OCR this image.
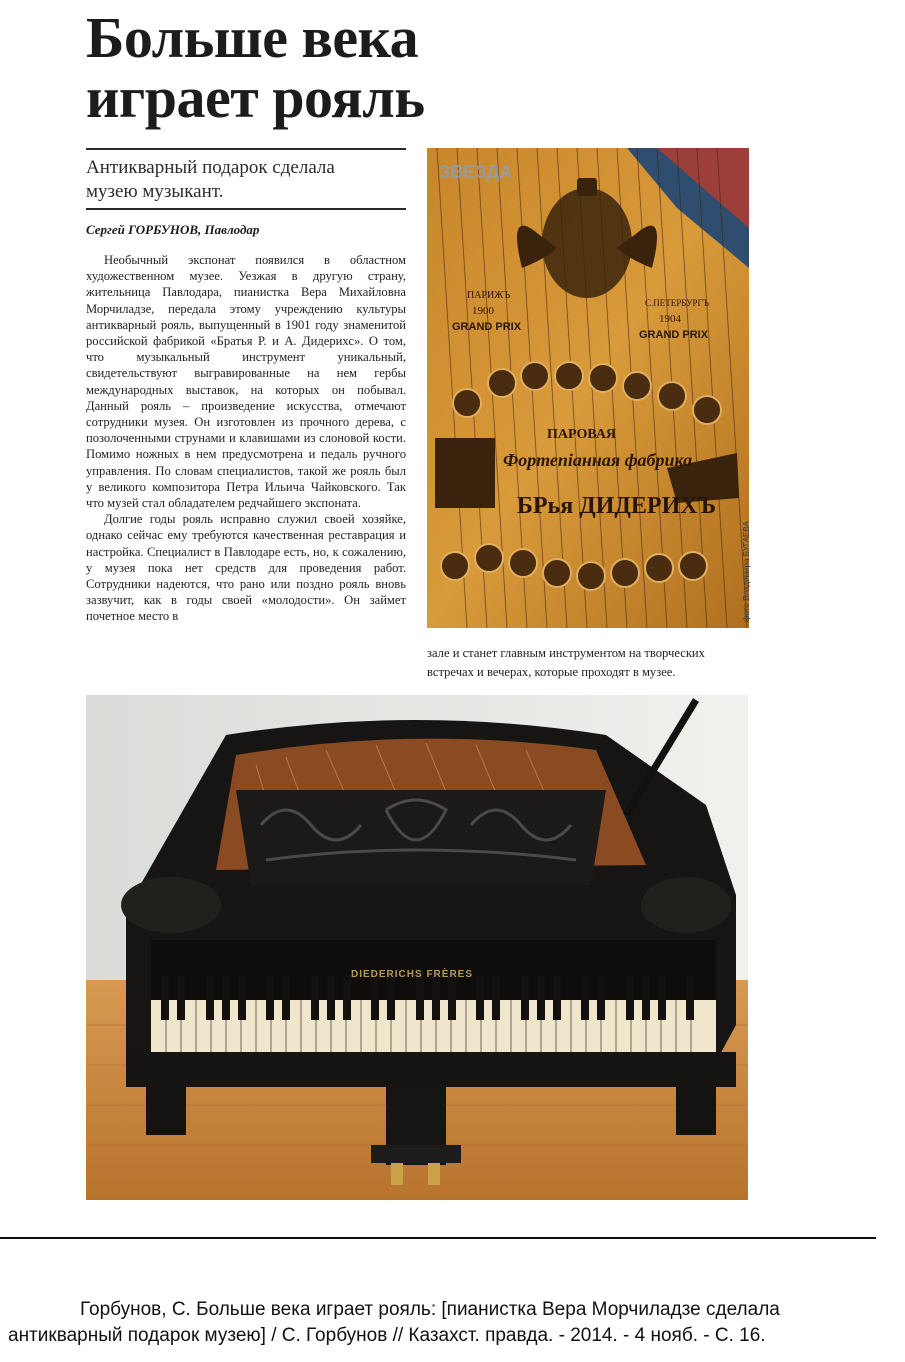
Больше века
играет рояль
Антикварный подарок сделала
музею музыкант.
Сергей ГОРБУНОВ, Павлодар

Необычный экспонат появился в областном художественном музее. Уезжая в другую страну, жительница Павлодара, пианистка Вера Михайловна Морчиладзе, передала этому учреждению культуры антикварный рояль, выпущенный в 1901 году знаменитой российской фабрикой «Братья Р. и А. Дидерихс». О том, что музыкальный инструмент уникальный, свидетельствуют выгравированные на нем гербы международных выставок, на которых он побывал. Данный рояль – произведение искусства, отмечают сотрудники музея. Он изготовлен из прочного дерева, с позолоченными струнами и клавишами из слоновой кости. Помимо ножных в нем предусмотрена и педаль ручного управления. По словам специалистов, такой же рояль был у великого композитора Петра Ильича Чайковского. Так что музей стал обладателем редчайшего экспоната.

Долгие годы рояль исправно служил своей хозяйке, однако сейчас ему требуются качественная реставрация и настройка. Специалист в Павлодаре есть, но, к сожалению, у музея пока нет средств для проведения работ. Сотрудники надеются, что рано или поздно рояль вновь зазвучит, как в годы своей «молодости». Он займет почетное место в

ЗВЕЗДА
ПАРИЖЪ
1900
GRAND PRIX
С.ПЕТЕРБУРГЪ
1904
GRAND PRIX
ПАРОВАЯ
Фортепіанная фабрика
БРья ДИДЕРИХЪ
фото Владимира БУГАЕВА
зале и станет главным инструментом на творческих встречах и вечерах, которые проходят в музее.
DIEDERICHS FRÈRES
Горбунов, С. Больше века играет рояль: [пианистка Вера Морчиладзе сделала
антикварный подарок музею] / С. Горбунов // Казахст. правда. - 2014. - 4 нояб. - С. 16.
